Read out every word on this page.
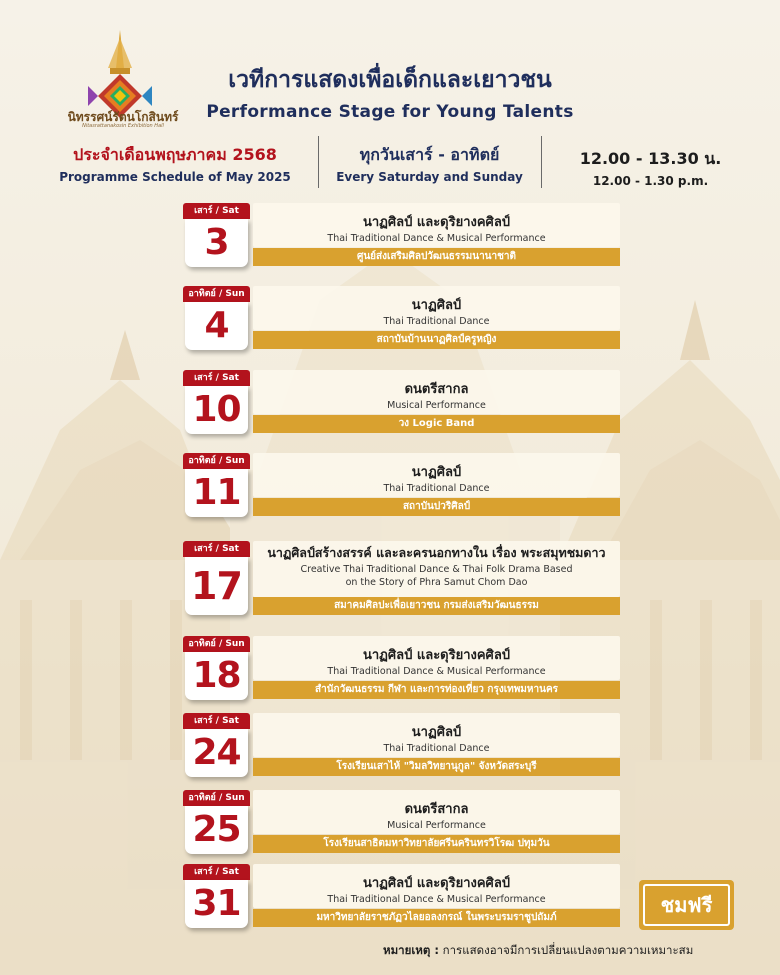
นิทรรศน์รัตนโกสินทร์
Nitasrattanakosin Exhibition Hall
เวทีการแสดงเพื่อเด็กและเยาวชน
Performance Stage for Young Talents
ประจำเดือนพฤษภาคม 2568
Programme Schedule of May 2025
ทุกวันเสาร์ - อาทิตย์
Every Saturday and Sunday
12.00 - 13.30 น.
12.00 - 1.30 p.m.
เสาร์ / Sat
3	นาฏศิลป์ และดุริยางคศิลป์
Thai Traditional Dance & Musical Performance
ศูนย์ส่งเสริมศิลปวัฒนธรรมนานาชาติ
อาทิตย์ / Sun
4	นาฏศิลป์
Thai Traditional Dance
สถาบันบ้านนาฏศิลป์ครูหญิง
เสาร์ / Sat
10	ดนตรีสากล
Musical Performance
วง Logic Band
อาทิตย์ / Sun
11	นาฏศิลป์
Thai Traditional Dance
สถาบันปวริศิลป์
เสาร์ / Sat
17
นาฏศิลป์สร้างสรรค์ และละครนอกทางใน เรื่อง พระสมุทชมดาว
Creative Thai Traditional Dance & Thai Folk Drama Based
on the Story of Phra Samut Chom Dao
สมาคมศิลปะเพื่อเยาวชน กรมส่งเสริมวัฒนธรรม
อาทิตย์ / Sun
18	นาฏศิลป์ และดุริยางคศิลป์
Thai Traditional Dance & Musical Performance
สำนักวัฒนธรรม กีฬา และการท่องเที่ยว กรุงเทพมหานคร
เสาร์ / Sat
24	นาฏศิลป์
Thai Traditional Dance
โรงเรียนเสาไห้ "วิมลวิทยานุกูล" จังหวัดสระบุรี
อาทิตย์ / Sun
25	ดนตรีสากล
Musical Performance
โรงเรียนสาธิตมหาวิทยาลัยศรีนครินทรวิโรฒ ปทุมวัน
เสาร์ / Sat
31	นาฏศิลป์ และดุริยางคศิลป์
Thai Traditional Dance & Musical Performance
มหาวิทยาลัยราชภัฏวไลยอลงกรณ์ ในพระบรมราชูปถัมภ์
ชมฟรี
หมายเหตุ : การแสดงอาจมีการเปลี่ยนแปลงตามความเหมาะสม
